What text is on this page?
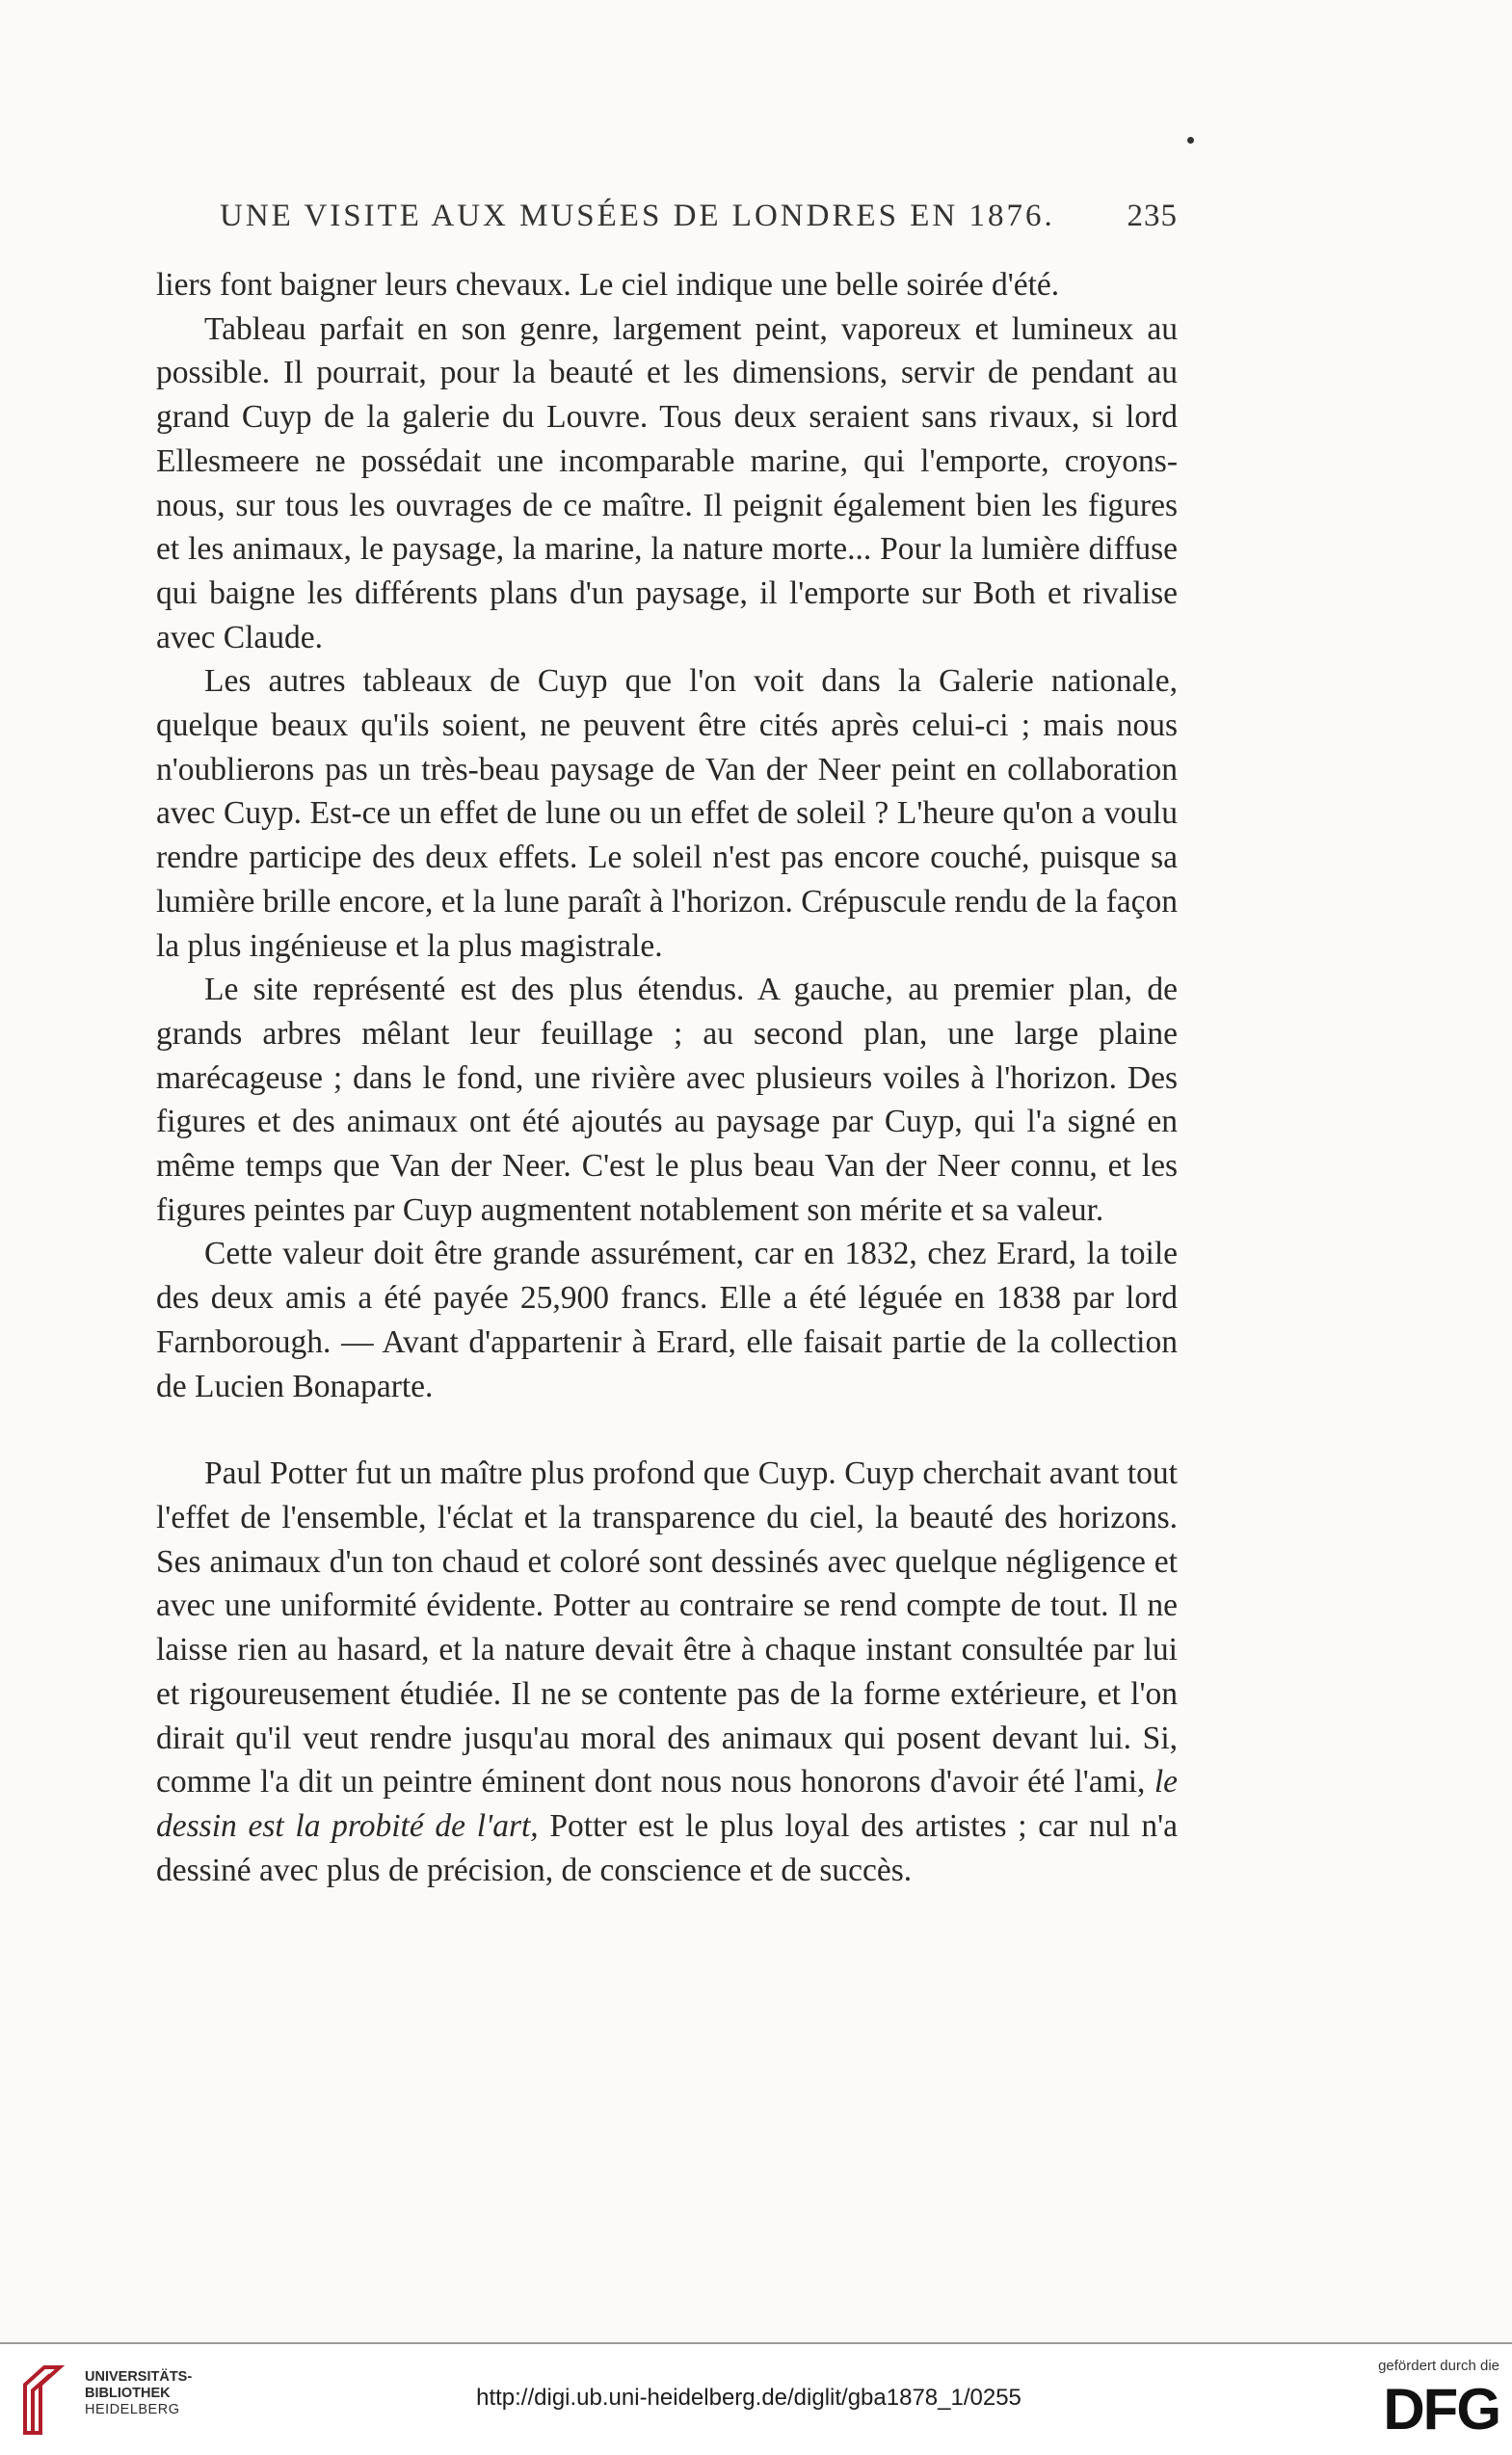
UNE VISITE AUX MUSÉES DE LONDRES EN 1876. 235

liers font baigner leurs chevaux. Le ciel indique une belle soirée d'été.

Tableau parfait en son genre, largement peint, vaporeux et lumineux au possible. Il pourrait, pour la beauté et les dimensions, servir de pendant au grand Cuyp de la galerie du Louvre. Tous deux seraient sans rivaux, si lord Ellesmeere ne possédait une incomparable marine, qui l'emporte, croyons-nous, sur tous les ouvrages de ce maître. Il peignit également bien les figures et les animaux, le paysage, la marine, la nature morte... Pour la lumière diffuse qui baigne les différents plans d'un paysage, il l'emporte sur Both et rivalise avec Claude.

Les autres tableaux de Cuyp que l'on voit dans la Galerie nationale, quelque beaux qu'ils soient, ne peuvent être cités après celui-ci ; mais nous n'oublierons pas un très-beau paysage de Van der Neer peint en collaboration avec Cuyp. Est-ce un effet de lune ou un effet de soleil ? L'heure qu'on a voulu rendre participe des deux effets. Le soleil n'est pas encore couché, puisque sa lumière brille encore, et la lune paraît à l'horizon. Crépuscule rendu de la façon la plus ingénieuse et la plus magistrale.

Le site représenté est des plus étendus. A gauche, au premier plan, de grands arbres mêlant leur feuillage ; au second plan, une large plaine marécageuse ; dans le fond, une rivière avec plusieurs voiles à l'horizon. Des figures et des animaux ont été ajoutés au paysage par Cuyp, qui l'a signé en même temps que Van der Neer. C'est le plus beau Van der Neer connu, et les figures peintes par Cuyp augmentent notablement son mérite et sa valeur.

Cette valeur doit être grande assurément, car en 1832, chez Erard, la toile des deux amis a été payée 25,900 francs. Elle a été léguée en 1838 par lord Farnborough. — Avant d'appartenir à Erard, elle faisait partie de la collection de Lucien Bonaparte.

Paul Potter fut un maître plus profond que Cuyp. Cuyp cherchait avant tout l'effet de l'ensemble, l'éclat et la transparence du ciel, la beauté des horizons. Ses animaux d'un ton chaud et coloré sont dessinés avec quelque négligence et avec une uniformité évidente. Potter au contraire se rend compte de tout. Il ne laisse rien au hasard, et la nature devait être à chaque instant consultée par lui et rigoureusement étudiée. Il ne se contente pas de la forme extérieure, et l'on dirait qu'il veut rendre jusqu'au moral des animaux qui posent devant lui. Si, comme l'a dit un peintre éminent dont nous nous honorons d'avoir été l'ami, le dessin est la probité de l'art, Potter est le plus loyal des artistes ; car nul n'a dessiné avec plus de précision, de conscience et de succès.

UNIVERSITÄTS-
BIBLIOTHEK
HEIDELBERG	http://digi.ub.uni-heidelberg.de/diglit/gba1878_1/0255
gefördert durch die
DFG
